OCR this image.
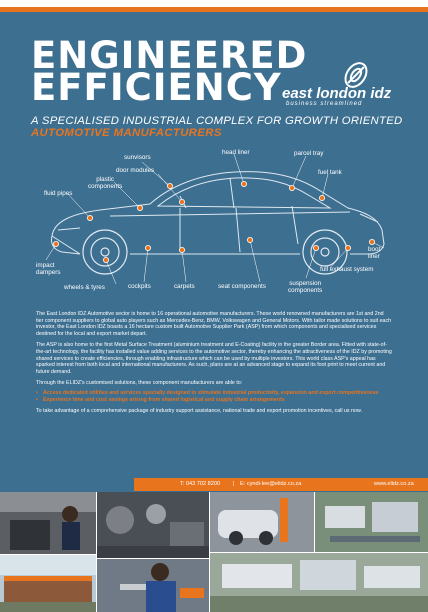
ENGINEERED
EFFICIENCY east london idz
business streamlined
A SPECIALISED INDUSTRIAL COMPLEX FOR GROWTH ORIENTED
AUTOMOTIVE MANUFACTURERS
sunvisors
head liner	parcel tray
door modules	fuel tank
plastic
components
fluid pipes
boot
liner
impact
dampers	full exhaust system
wheels & tyres	cockpits	carpets	seat components	suspension
components

The East London IDZ Automotive sector is home to 16 operational automotive manufacturers. These world renowned manufacturers are 1st and 2nd tier component suppliers to global auto players such as Mercedes-Benz, BMW, Volkswagen and General Motors. With tailor made solutions to suit each investor, the East London IDZ boasts a 16 hectare custom built Automotive Supplier Park (ASP) from which components and specialised services destined for the local and export market depart.

The ASP is also home to the first Metal Surface Treatment (aluminium treatment and E-Coating) facility in the greater Border area. Fitted with state-of-the-art technology, the facility has installed value adding services to the automotive sector, thereby enhancing the attractiveness of the IDZ by promoting shared services to create efficiencies, through enabling infrastructure which can be used by multiple investors. This world class ASP's appeal has sparked interest from both local and international manufacturers. As such, plans are at an advanced stage to expand its foot print to meet current and future demand.

Through the ELIDZ's customised solutions, these component manufacturers are able to:

• Access dedicated utilities and services specially designed to stimulate industrial productivity, expansion and export competitiveness
• Experience time and cost savings arising from shared logistical and supply chain arrangements

To take advantage of a comprehensive package of industry support assistance, national trade and export promotion incentives, call us now.

T: 043 702 8200 | E: cyndi-lee@elidz.co.za	www.elidz.co.za
